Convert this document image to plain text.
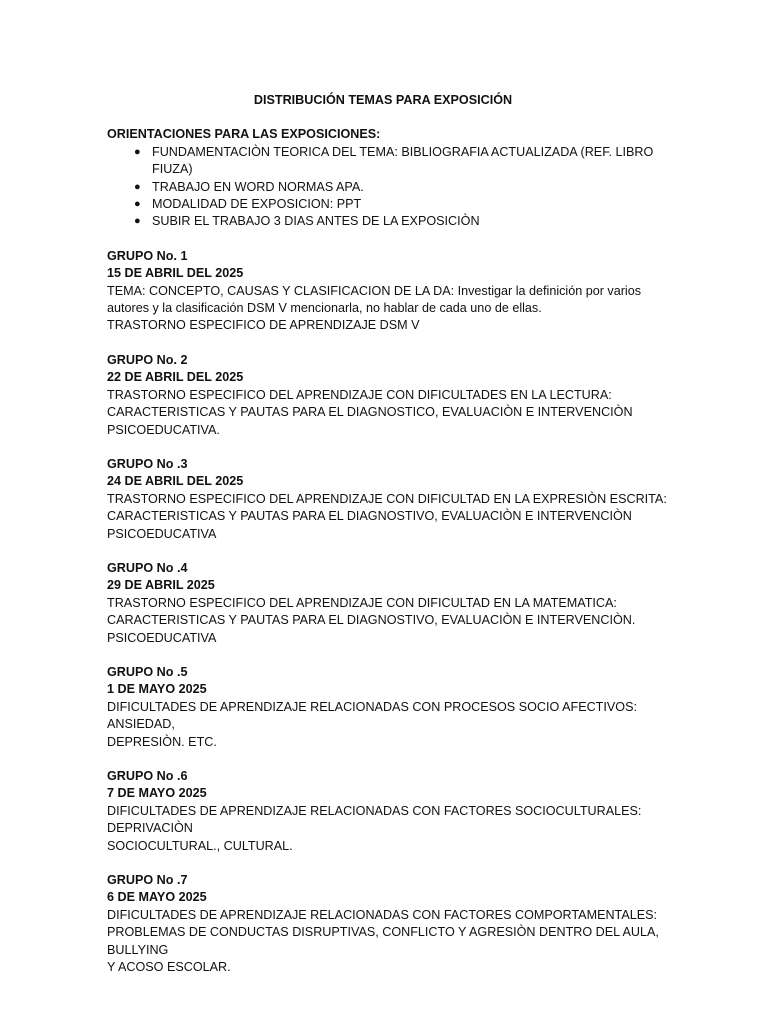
DISTRIBUCIÓN TEMAS PARA EXPOSICIÓN
ORIENTACIONES PARA LAS EXPOSICIONES:
● FUNDAMENTACIÒN TEORICA DEL TEMA: BIBLIOGRAFIA ACTUALIZADA (REF. LIBRO FIUZA)
● TRABAJO EN WORD NORMAS APA.
● MODALIDAD DE EXPOSICION: PPT
● SUBIR EL TRABAJO 3 DIAS ANTES DE LA EXPOSICIÒN
GRUPO No. 1
15 DE ABRIL DEL 2025
TEMA: CONCEPTO, CAUSAS Y CLASIFICACION DE LA DA: Investigar la definición por varios
autores y la clasificación DSM V mencionarla, no hablar de cada uno de ellas.
TRASTORNO ESPECIFICO DE APRENDIZAJE DSM V
GRUPO No. 2
22 DE ABRIL DEL 2025
TRASTORNO ESPECIFICO DEL APRENDIZAJE CON DIFICULTADES EN LA LECTURA:
CARACTERISTICAS Y PAUTAS PARA EL DIAGNOSTICO, EVALUACIÒN E INTERVENCIÒN
PSICOEDUCATIVA.
GRUPO No .3
24 DE ABRIL DEL 2025
TRASTORNO ESPECIFICO DEL APRENDIZAJE CON DIFICULTAD EN LA EXPRESIÒN ESCRITA:
CARACTERISTICAS Y PAUTAS PARA EL DIAGNOSTIVO, EVALUACIÒN E INTERVENCIÒN
PSICOEDUCATIVA
GRUPO No .4
29 DE ABRIL 2025
TRASTORNO ESPECIFICO DEL APRENDIZAJE CON DIFICULTAD EN LA MATEMATICA:
CARACTERISTICAS Y PAUTAS PARA EL DIAGNOSTIVO, EVALUACIÒN E INTERVENCIÒN.
PSICOEDUCATIVA
GRUPO No .5
1 DE MAYO 2025
DIFICULTADES DE APRENDIZAJE RELACIONADAS CON PROCESOS SOCIO AFECTIVOS: ANSIEDAD,
DEPRESIÒN. ETC.
GRUPO No .6
7 DE MAYO 2025
DIFICULTADES DE APRENDIZAJE RELACIONADAS CON FACTORES SOCIOCULTURALES: DEPRIVACIÒN
SOCIOCULTURAL., CULTURAL.
GRUPO No .7
6 DE MAYO 2025
DIFICULTADES DE APRENDIZAJE RELACIONADAS CON FACTORES COMPORTAMENTALES:
PROBLEMAS DE CONDUCTAS DISRUPTIVAS, CONFLICTO Y AGRESIÒN DENTRO DEL AULA, BULLYING
Y ACOSO ESCOLAR.
